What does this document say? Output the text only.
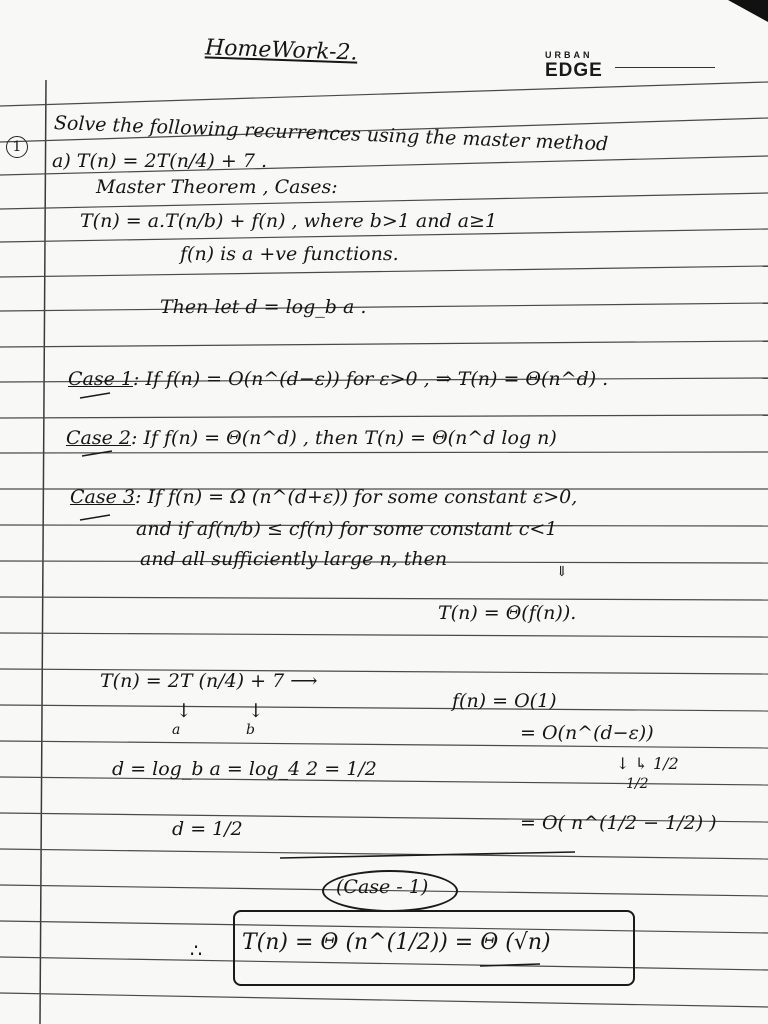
HomeWork-2.	URBAN
EDGE
1	Solve the following recurrences using the master method
a) T(n) = 2T(n/4) + 7 .
Master Theorem , Cases:
T(n) = a.T(n/b) + f(n) , where b>1 and a≥1
f(n) is a +ve functions.
Then let d = log_b a .
Case 1: If f(n) = O(n^(d−ε)) for ε>0 , ⇒ T(n) = Θ(n^d) .
Case 2: If f(n) = Θ(n^d) , then T(n) = Θ(n^d log n)
Case 3: If f(n) = Ω (n^(d+ε)) for some constant ε>0,
and if af(n/b) ≤ cf(n) for some constant c<1
and all sufficiently large n, then
⇓
T(n) = Θ(f(n)).
T(n) = 2T (n/4) + 7 ⟶
f(n) = O(1)
↓
a
↓
b	= O(n^(d−ε))
d = log_b a = log_4 2 = 1/2	↓ ↳ 1/2
1/2
d = 1/2	= O( n^(1/2 − 1/2) )
(Case - 1)
∴ T(n) = Θ (n^(1/2)) = Θ (√n)
